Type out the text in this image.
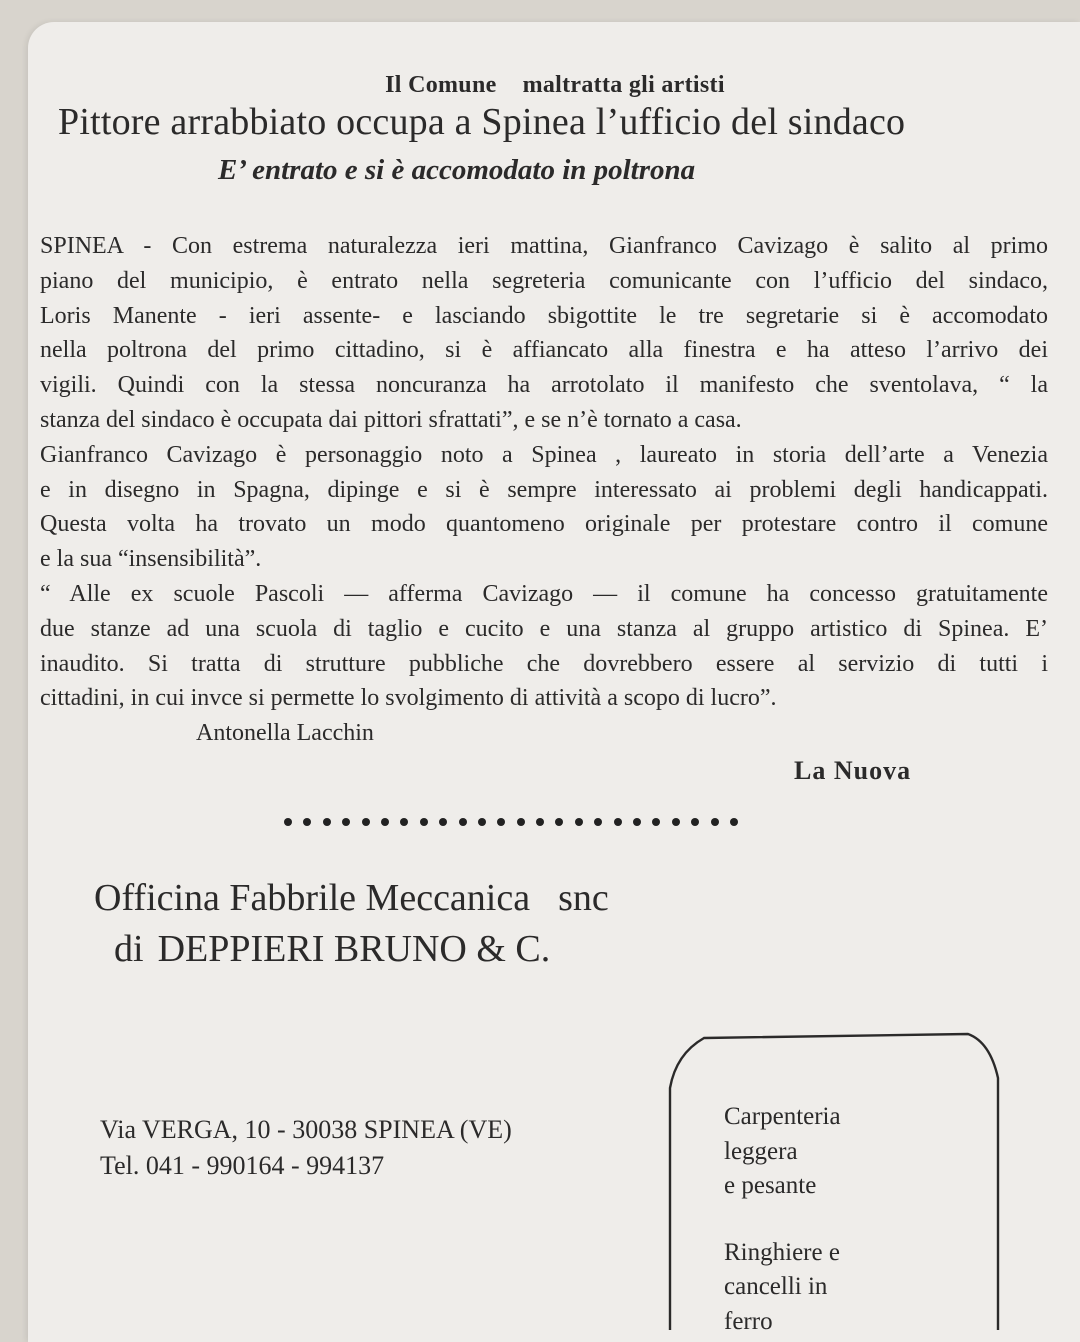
Il Comune maltratta gli artisti
Pittore arrabbiato occupa a Spinea l’ufficio del sindaco
E’ entrato e si è accomodato in poltrona
SPINEA - Con estrema naturalezza ieri mattina, Gianfranco Cavizago è salito al primo
piano del municipio, è entrato nella segreteria comunicante con l’ufficio del sindaco,
Loris Manente - ieri assente- e lasciando sbigottite le tre segretarie si è accomodato
nella poltrona del primo cittadino, si è affiancato alla finestra e ha atteso l’arrivo dei
vigili. Quindi con la stessa noncuranza ha arrotolato il manifesto che sventolava, “ la
stanza del sindaco è occupata dai pittori sfrattati”, e se n’è tornato a casa.
Gianfranco Cavizago è personaggio noto a Spinea , laureato in storia dell’arte a Venezia
e in disegno in Spagna, dipinge e si è sempre interessato ai problemi degli handicappati.
Questa volta ha trovato un modo quantomeno originale per protestare contro il comune
e la sua “insensibilità”.
“ Alle ex scuole Pascoli — afferma Cavizago — il comune ha concesso gratuitamente
due stanze ad una scuola di taglio e cucito e una stanza al gruppo artistico di Spinea. E’
inaudito. Si tratta di strutture pubbliche che dovrebbero essere al servizio di tutti i
cittadini, in cui invce si permette lo svolgimento di attività a scopo di lucro”.
Antonella Lacchin
La Nuova
Officina Fabbrile Meccanica snc
di DEPPIERI BRUNO & C.
Via VERGA, 10 - 30038 SPINEA (VE)
Tel. 041 - 990164 - 994137
Carpenteria
leggera
e pesante
Ringhiere e
cancelli in
ferro
